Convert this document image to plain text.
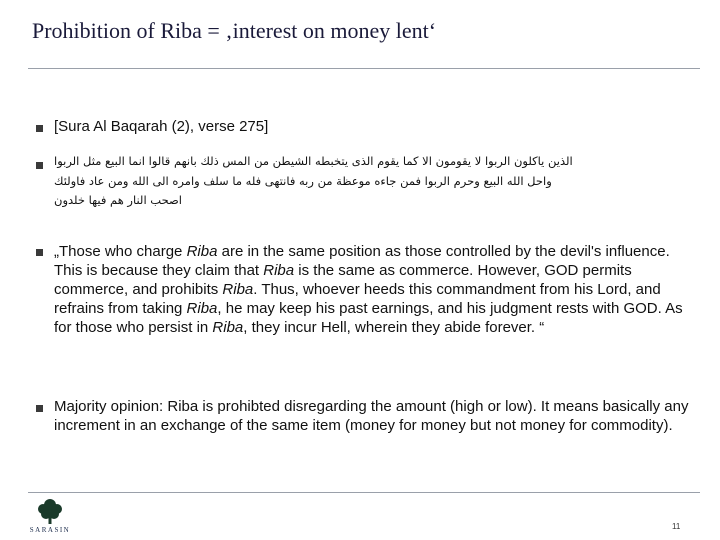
Prohibition of Riba = ‚interest on money lent‘
[Sura Al Baqarah (2), verse 275]
الذين ياكلون الربوا لا يقومون الا كما يقوم الذى يتخبطه الشيطن من المس ذلك بانهم قالوا انما البيع مثل الربوا
واحل الله البيع وحرم الربوا فمن جاءه موعظة من ربه فانتهى فله ما سلف وامره الى الله ومن عاد فاولئك
اصحب النار هم فيها خلدون
„Those who charge Riba are in the same position as those controlled by the devil's influence. This is because they claim that Riba is the same as commerce. However, GOD permits commerce, and prohibits Riba. Thus, whoever heeds this commandment from his Lord, and refrains from taking Riba, he may keep his past earnings, and his judgment rests with GOD. As for those who persist in Riba, they incur Hell, wherein they abide forever. “
Majority opinion: Riba is prohibted disregarding the amount (high or low). It means basically any increment in an exchange of the same item (money for money but not money for commodity).
SARASIN	11
